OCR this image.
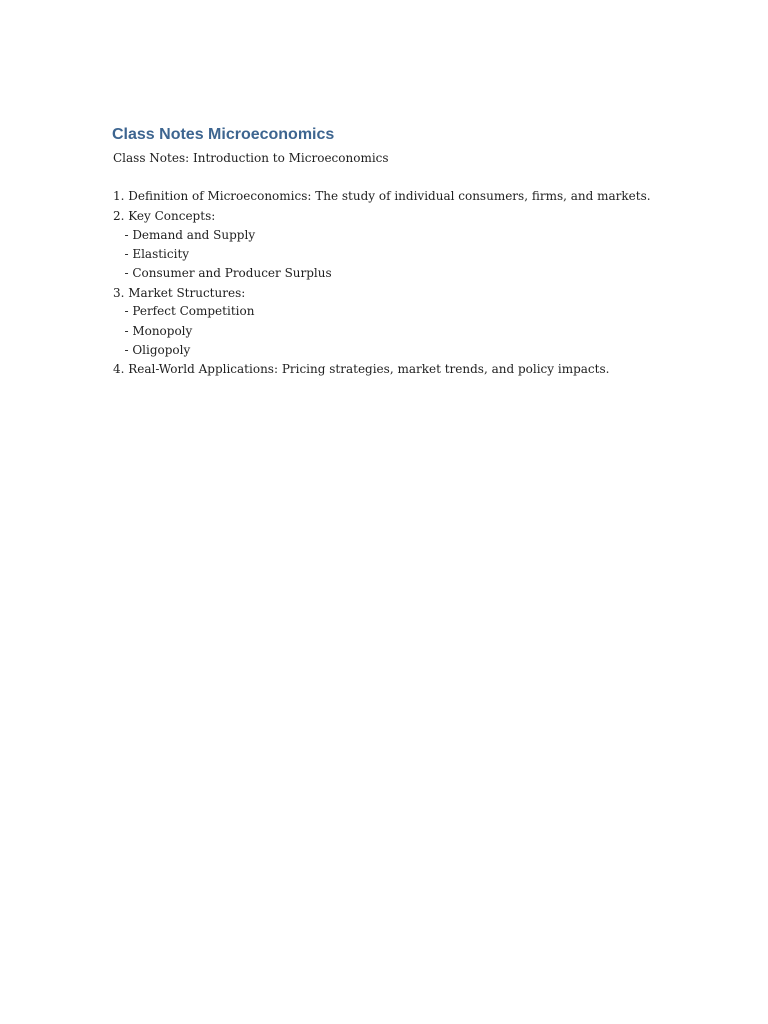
Class Notes Microeconomics
Class Notes: Introduction to Microeconomics
1. Definition of Microeconomics: The study of individual consumers, firms, and markets.
2. Key Concepts:
- Demand and Supply
- Elasticity
- Consumer and Producer Surplus
3. Market Structures:
- Perfect Competition
- Monopoly
- Oligopoly
4. Real-World Applications: Pricing strategies, market trends, and policy impacts.
